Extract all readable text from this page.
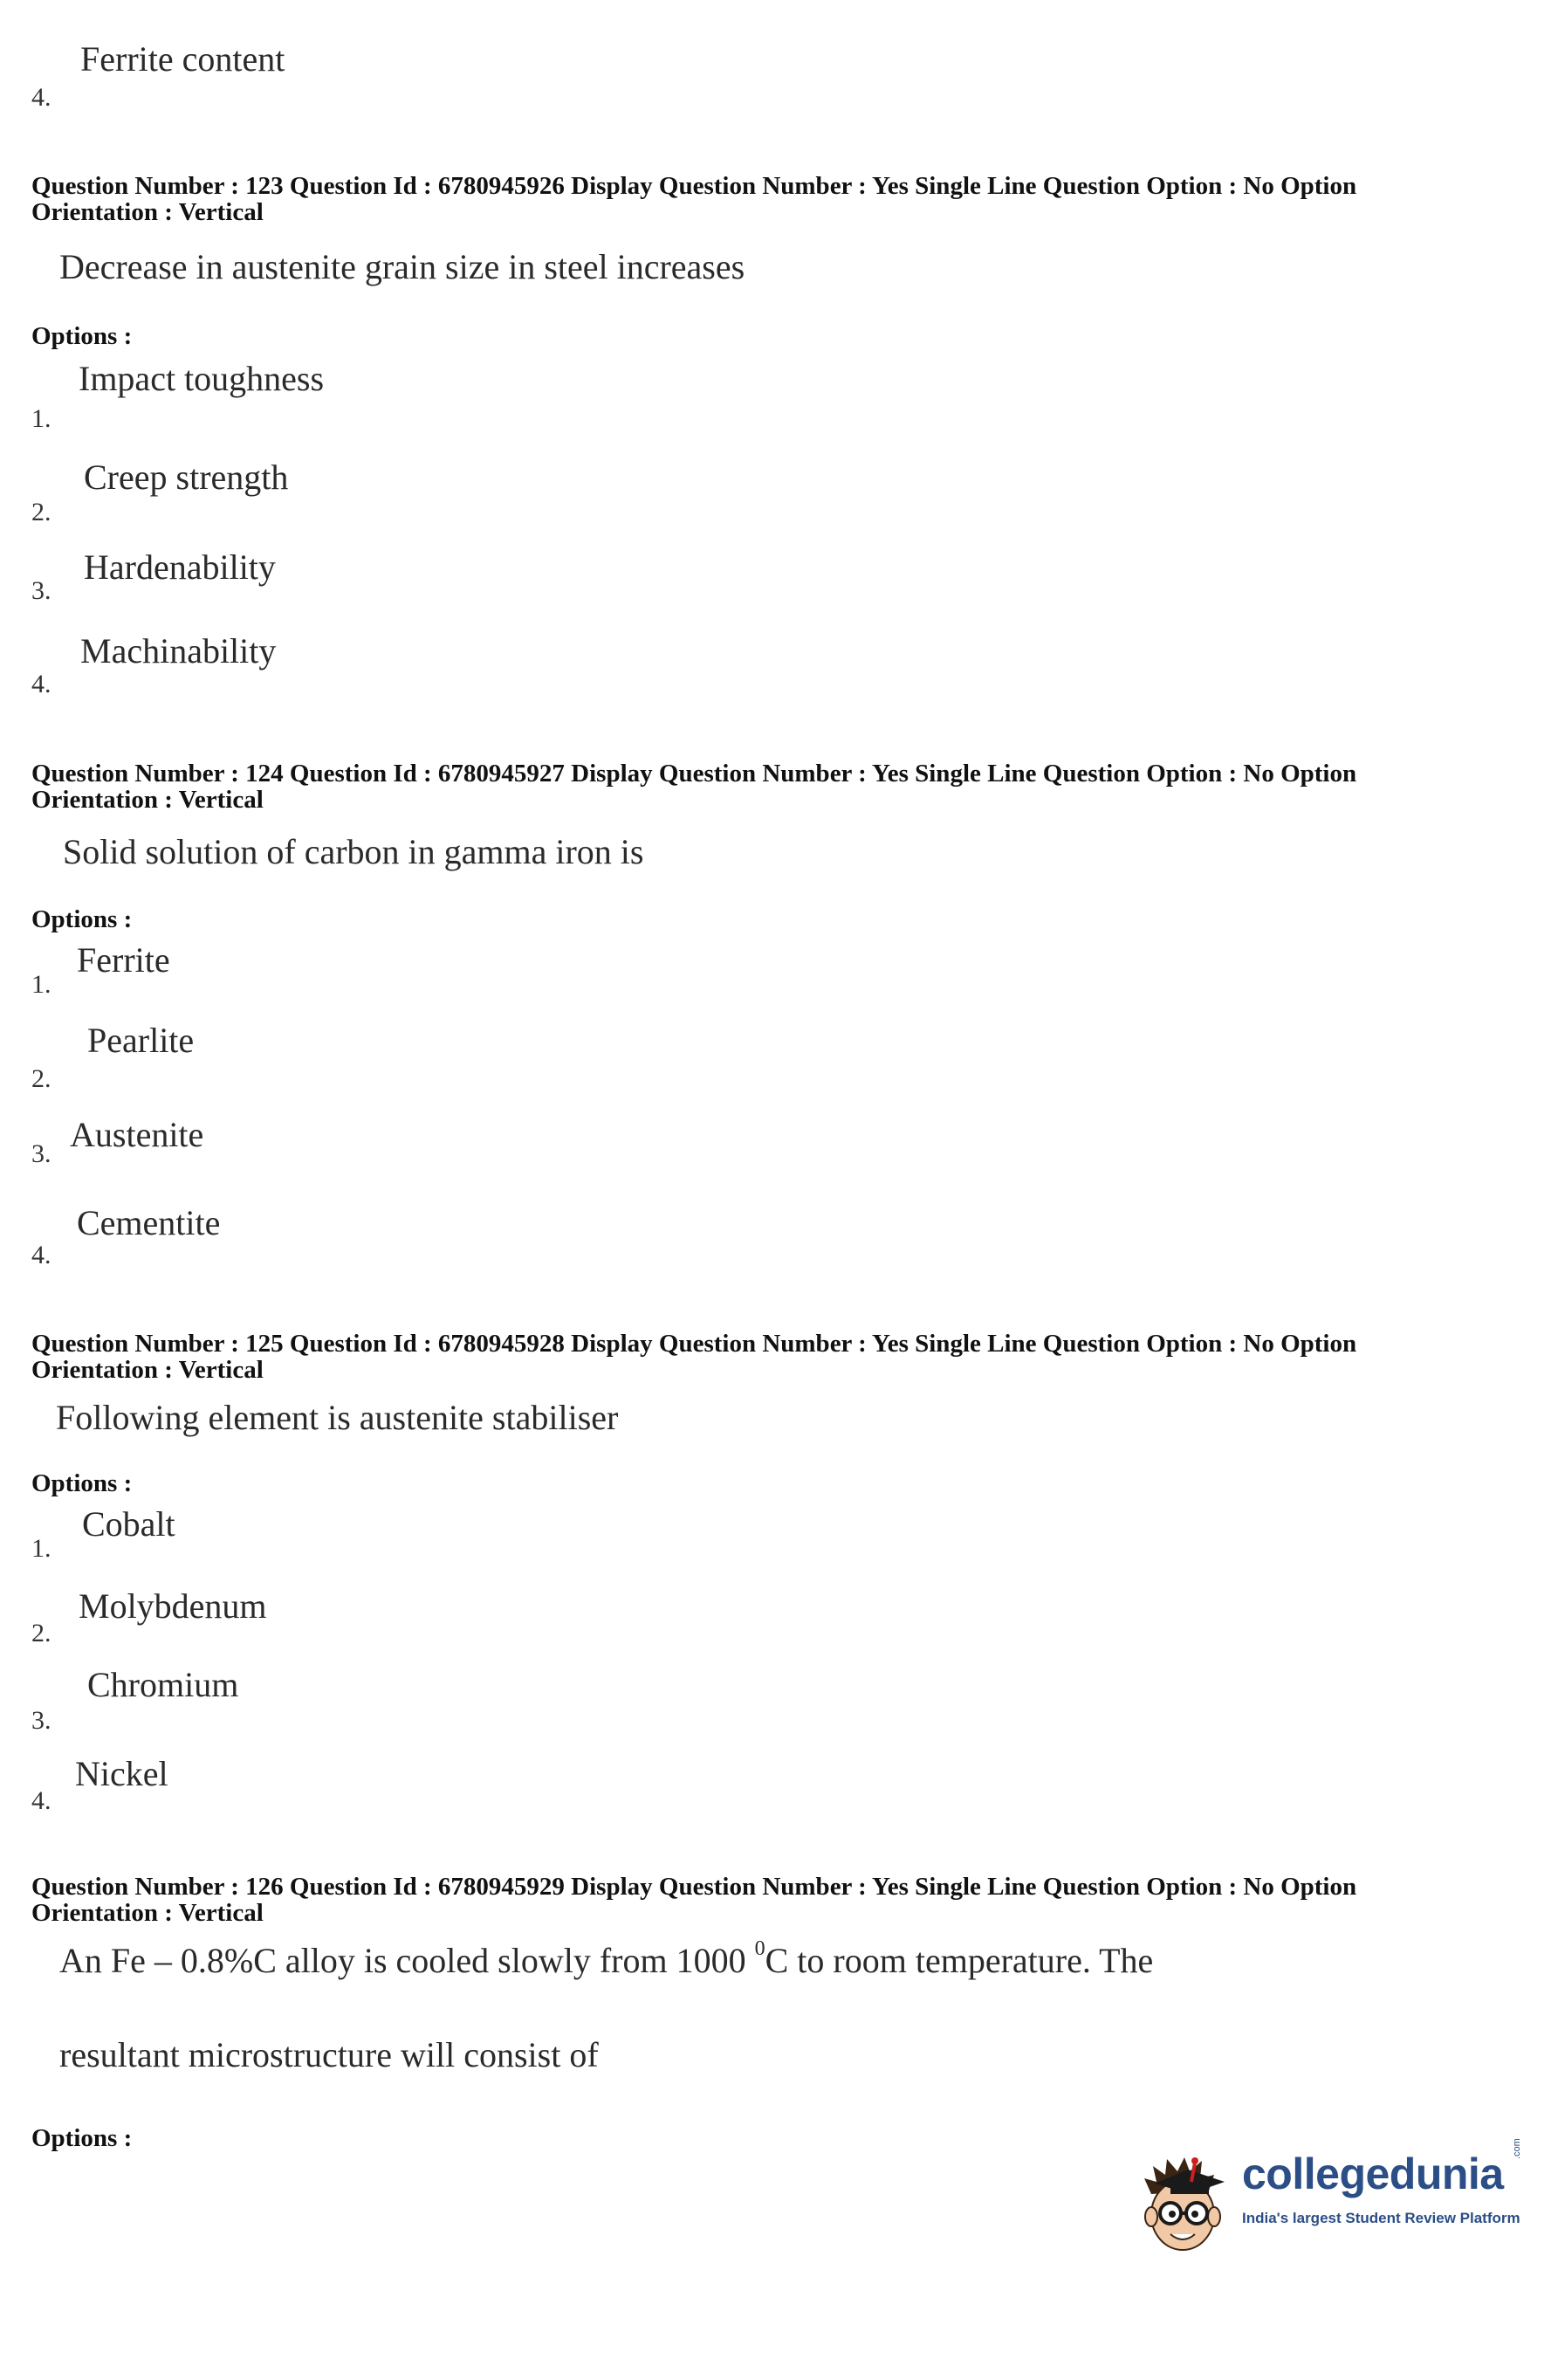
Ferrite content
4.
Question Number : 123 Question Id : 6780945926 Display Question Number : Yes Single Line Question Option : No Option
Orientation : Vertical
Decrease in austenite grain size in steel increases
Options :
Impact toughness
1.
Creep strength
2.
Hardenability
3.
Machinability
4.
Question Number : 124 Question Id : 6780945927 Display Question Number : Yes Single Line Question Option : No Option
Orientation : Vertical
Solid solution of carbon in gamma iron is
Options :
Ferrite
1.
Pearlite
2.
Austenite
3.
Cementite
4.
Question Number : 125 Question Id : 6780945928 Display Question Number : Yes Single Line Question Option : No Option
Orientation : Vertical
Following element is austenite stabiliser
Options :
Cobalt
1.
Molybdenum
2.
Chromium
3.
Nickel
4.
Question Number : 126 Question Id : 6780945929 Display Question Number : Yes Single Line Question Option : No Option
Orientation : Vertical
An Fe – 0.8%C alloy is cooled slowly from 1000 $^0$C to room temperature. The
resultant microstructure will consist of
Options :
collegedunia
.com
India's largest Student Review Platform
